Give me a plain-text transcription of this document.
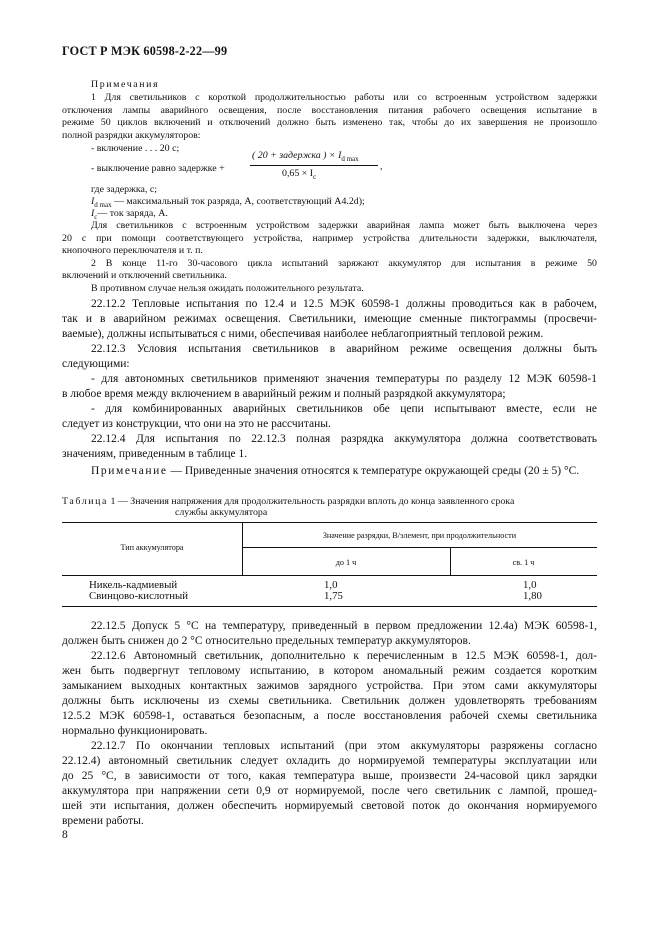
ГОСТ Р МЭК 60598-2-22—99
Примечания
1 Для светильников с короткой продолжительностью работы или со встроенным устройством задержки
отключения лампы аварийного освещения, после восстановления питания рабочего освещения испытание в
режиме 50 циклов включений и отключений должно быть изменено так, чтобы до их завершения не произошло
полной разрядки аккумуляторов:
- включение . . . 20 с;
- выключение равно задержке +
( 20 + задержка ) × $I_{d max}$
$0,65 \times I_c$
,
где задержка, с;
$I_{d max}$ — максимальный ток разряда, А, соответствующий А4.2d);
$I_c—$ ток заряда, А.
Для светильников с встроенным устройством задержки аварийная лампа может быть выключена через
20 с при помощи соответствующего устройства, например устройства длительности задержки, выключателя,
кнопочного переключателя и т. п.
2 В конце 11-го 30-часового цикла испытаний заряжают аккумулятор для испытания в режиме 50
включений и отключений светильника.
В противном случае нельзя ожидать положительного результата.
22.12.2 Тепловые испытания по 12.4 и 12.5 МЭК 60598-1 должны проводиться как в рабочем,
так и в аварийном режимах освещения. Светильники, имеющие сменные пиктограммы (просвечи-
ваемые), должны испытываться с ними, обеспечивая наиболее неблагоприятный тепловой режим.
22.12.3 Условия испытания светильников в аварийном режиме освещения должны быть
следующими:
- для автономных светильников применяют значения температуры по разделу 12 МЭК 60598-1
в любое время между включением в аварийный режим и полный разрядкой аккумулятора;
- для комбинированных аварийных светильников обе цепи испытывают вместе, если не
следует из конструкции, что они на это не рассчитаны.
22.12.4 Для испытания по 22.12.3 полная разрядка аккумулятора должна соответствовать
значениям, приведенным в таблице 1.
Примечание — Приведенные значения относятся к температуре окружающей среды (20 ± 5) °С.
Таблица 1 — Значения напряжения для продолжительность разрядки вплоть до конца заявленного срока
службы аккумулятора
Тип аккумулятора
Значение разрядки, В/элемент, при продолжительности
до 1 ч	св. 1 ч
Никель-кадмиевый	1,0	1,0
Свинцово-кислотный	1,75	1,80
22.12.5 Допуск 5 °С на температуру, приведенный в первом предложении 12.4а) МЭК 60598-1,
должен быть снижен до 2 °С относительно предельных температур аккумуляторов.
22.12.6 Автономный светильник, дополнительно к перечисленным в 12.5 МЭК 60598-1, дол-
жен быть подвергнут тепловому испытанию, в котором аномальный режим создается коротким
замыканием выходных контактных зажимов зарядного устройства. При этом сами аккумуляторы
должны быть исключены из схемы светильника. Светильник должен удовлетворять требованиям
12.5.2 МЭК 60598-1, оставаться безопасным, а после восстановления рабочей схемы светильника
нормально функционировать.
22.12.7 По окончании тепловых испытаний (при этом аккумуляторы разряжены согласно
22.12.4) автономный светильник следует охладить до нормируемой температуры эксплуатации или
до 25 °С, в зависимости от того, какая температура выше, произвести 24-часовой цикл зарядки
аккумулятора при напряжении сети 0,9 от нормируемой, после чего светильник с лампой, прошед-
шей эти испытания, должен обеспечить нормируемый световой поток до окончания нормируемого
времени работы.
8
